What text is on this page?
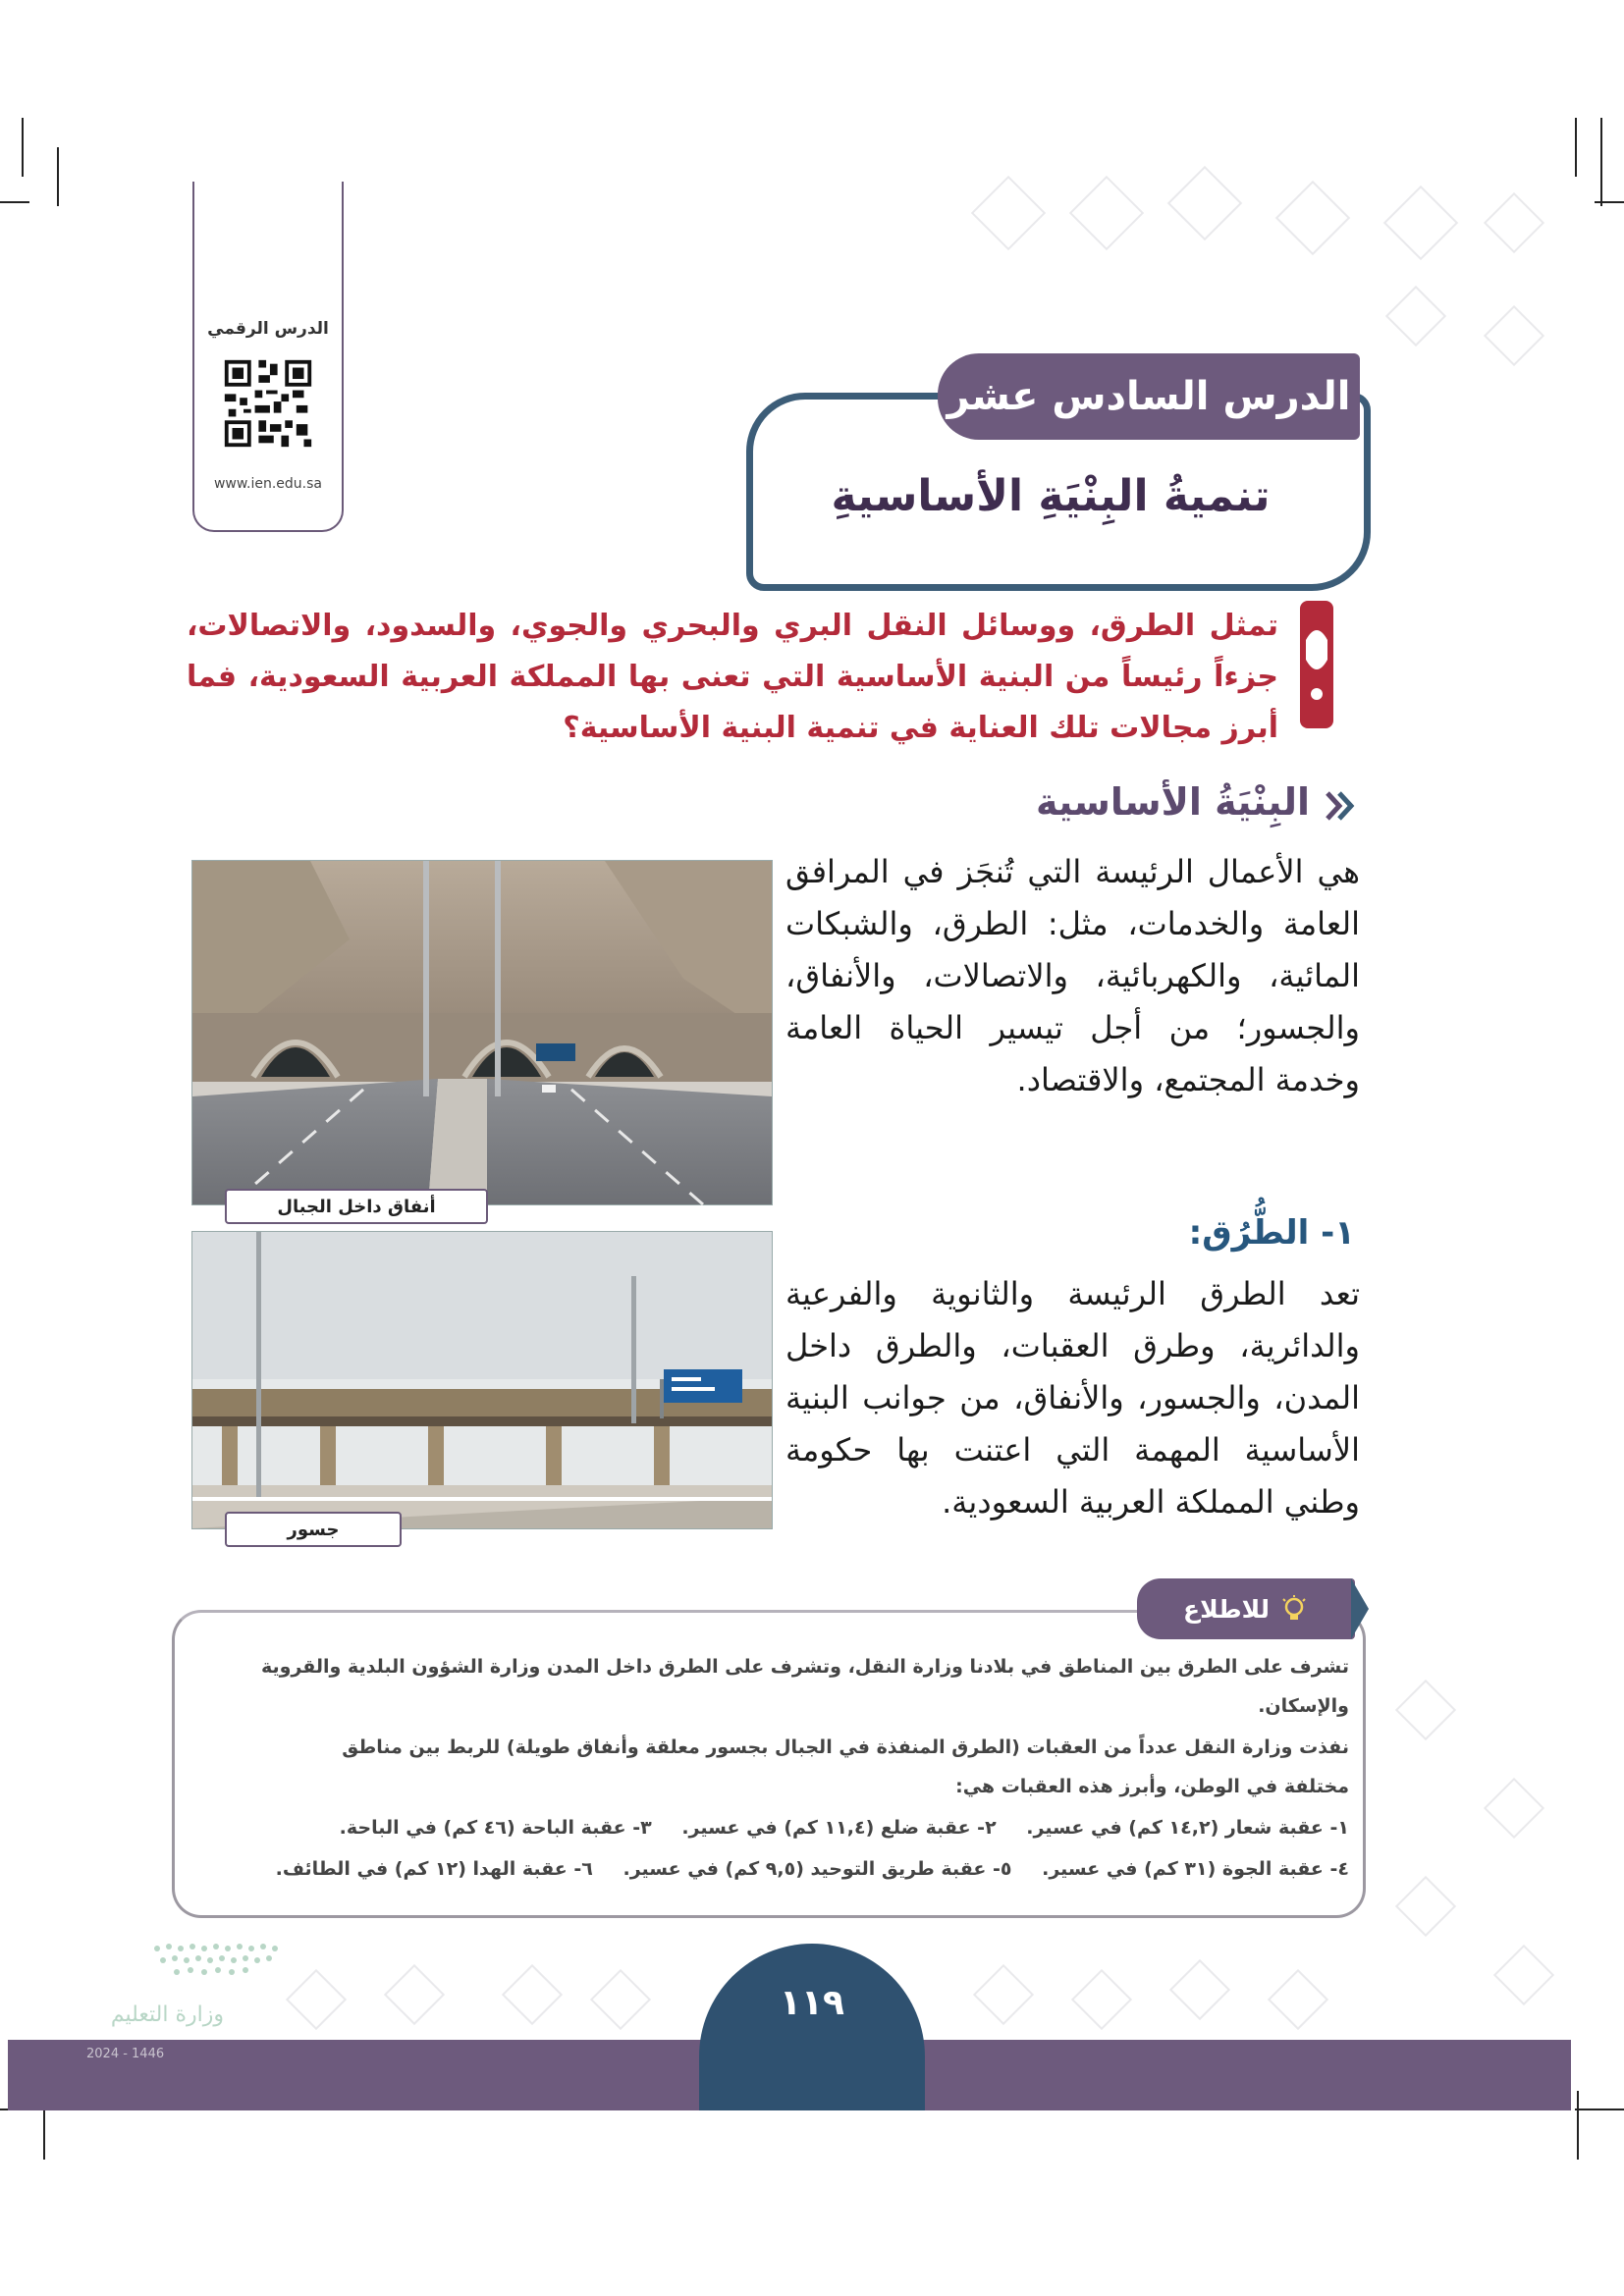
الدرس الرقمي
www.ien.edu.sa
الدرس السادس عشر
تنميةُ البِنْيَةِ الأساسيةِ
تمثل الطرق، ووسائل النقل البري والبحري والجوي، والسدود، والاتصالات، جزءاً رئيساً من البنية الأساسية التي تعنى بها المملكة العربية السعودية، فما أبرز مجالات تلك العناية في تنمية البنية الأساسية؟
البِنْيَةُ الأساسية
هي الأعمال الرئيسة التي تُنجَز في المرافق العامة والخدمات، مثل: الطرق، والشبكات المائية، والكهربائية، والاتصالات، والأنفاق، والجسور؛ من أجل تيسير الحياة العامة وخدمة المجتمع، والاقتصاد.
أنفاق داخل الجبال
جسور
١- الطُّرُق:
تعد الطرق الرئيسة والثانوية والفرعية والدائرية، وطرق العقبات، والطرق داخل المدن، والجسور، والأنفاق، من جوانب البنية الأساسية المهمة التي اعتنت بها حكومة وطني المملكة العربية السعودية.
للاطلاع
تشرف على الطرق بين المناطق في بلادنا وزارة النقل، وتشرف على الطرق داخل المدن وزارة الشؤون البلدية والقروية
والإسكان.
نفذت وزارة النقل عدداً من العقبات (الطرق المنفذة في الجبال بجسور معلقة وأنفاق طويلة) للربط بين مناطق
مختلفة في الوطن، وأبرز هذه العقبات هي:
١- عقبة شعار (١٤,٢ كم) في عسير. ٢- عقبة ضلع (١١,٤ كم) في عسير. ٣- عقبة الباحة (٤٦ كم) في الباحة.
٤- عقبة الجوة (٣١ كم) في عسير. ٥- عقبة طريق التوحيد (٩,٥ كم) في عسير. ٦- عقبة الهدا (١٢ كم) في الطائف.
١١٩
وزارة التعليم
2024 - 1446
